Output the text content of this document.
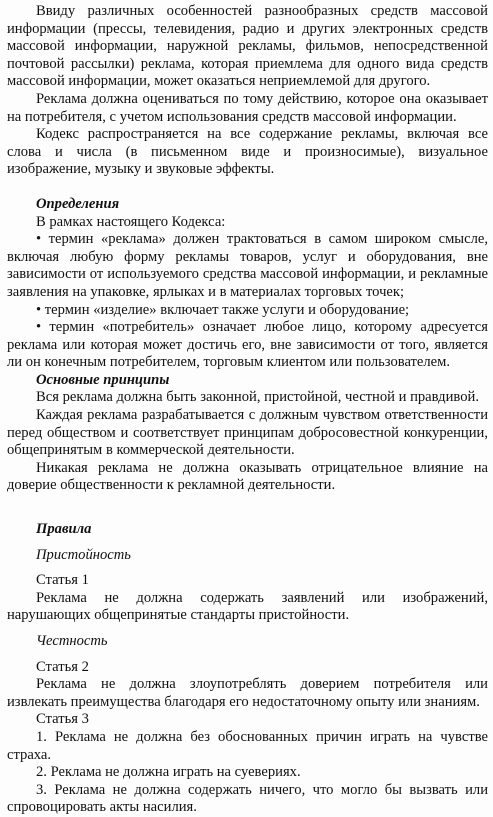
Ввиду различных особенностей разнообразных средств массовой информации (прессы, телевидения, радио и других электронных средств массовой информации, наружной рекламы, фильмов, непосредственной почтовой рассылки) реклама, которая приемлема для одного вида средств массовой информации, может оказаться неприемлемой для другого.

Реклама должна оцениваться по тому действию, которое она оказывает на потребителя, с учетом использования средств массовой информации.

Кодекс распространяется на все содержание рекламы, включая все слова и числа (в письменном виде и произносимые), визуальное изображение, музыку и звуковые эффекты.

Определения

В рамках настоящего Кодекса:

• термин «реклама» должен трактоваться в самом широком смысле, включая любую форму рекламы товаров, услуг и оборудования, вне зависимости от используемого средства массовой информации, и рекламные заявления на упаковке, ярлыках и в материалах торговых точек;

• термин «изделие» включает также услуги и оборудование;

• термин «потребитель» означает любое лицо, которому адресуется реклама или которая может достичь его, вне зависимости от того, является ли он конечным потребителем, торговым клиентом или пользователем.

Основные принципы

Вся реклама должна быть законной, пристойной, честной и правдивой.

Каждая реклама разрабатывается с должным чувством ответственности перед обществом и соответствует принципам добросовестной конкуренции, общепринятым в коммерческой деятельности.

Никакая реклама не должна оказывать отрицательное влияние на доверие общественности к рекламной деятельности.

Правила

Пристойность

Статья 1

Реклама не должна содержать заявлений или изображений, нарушающих общепринятые стандарты пристойности.

Честность

Статья 2

Реклама не должна злоупотреблять доверием потребителя или извлекать преимущества благодаря его недостаточному опыту или знаниям.

Статья 3

1. Реклама не должна без обоснованных причин играть на чувстве страха.

2. Реклама не должна играть на суевериях.

3. Реклама не должна содержать ничего, что могло бы вызвать или спровоцировать акты насилия.
